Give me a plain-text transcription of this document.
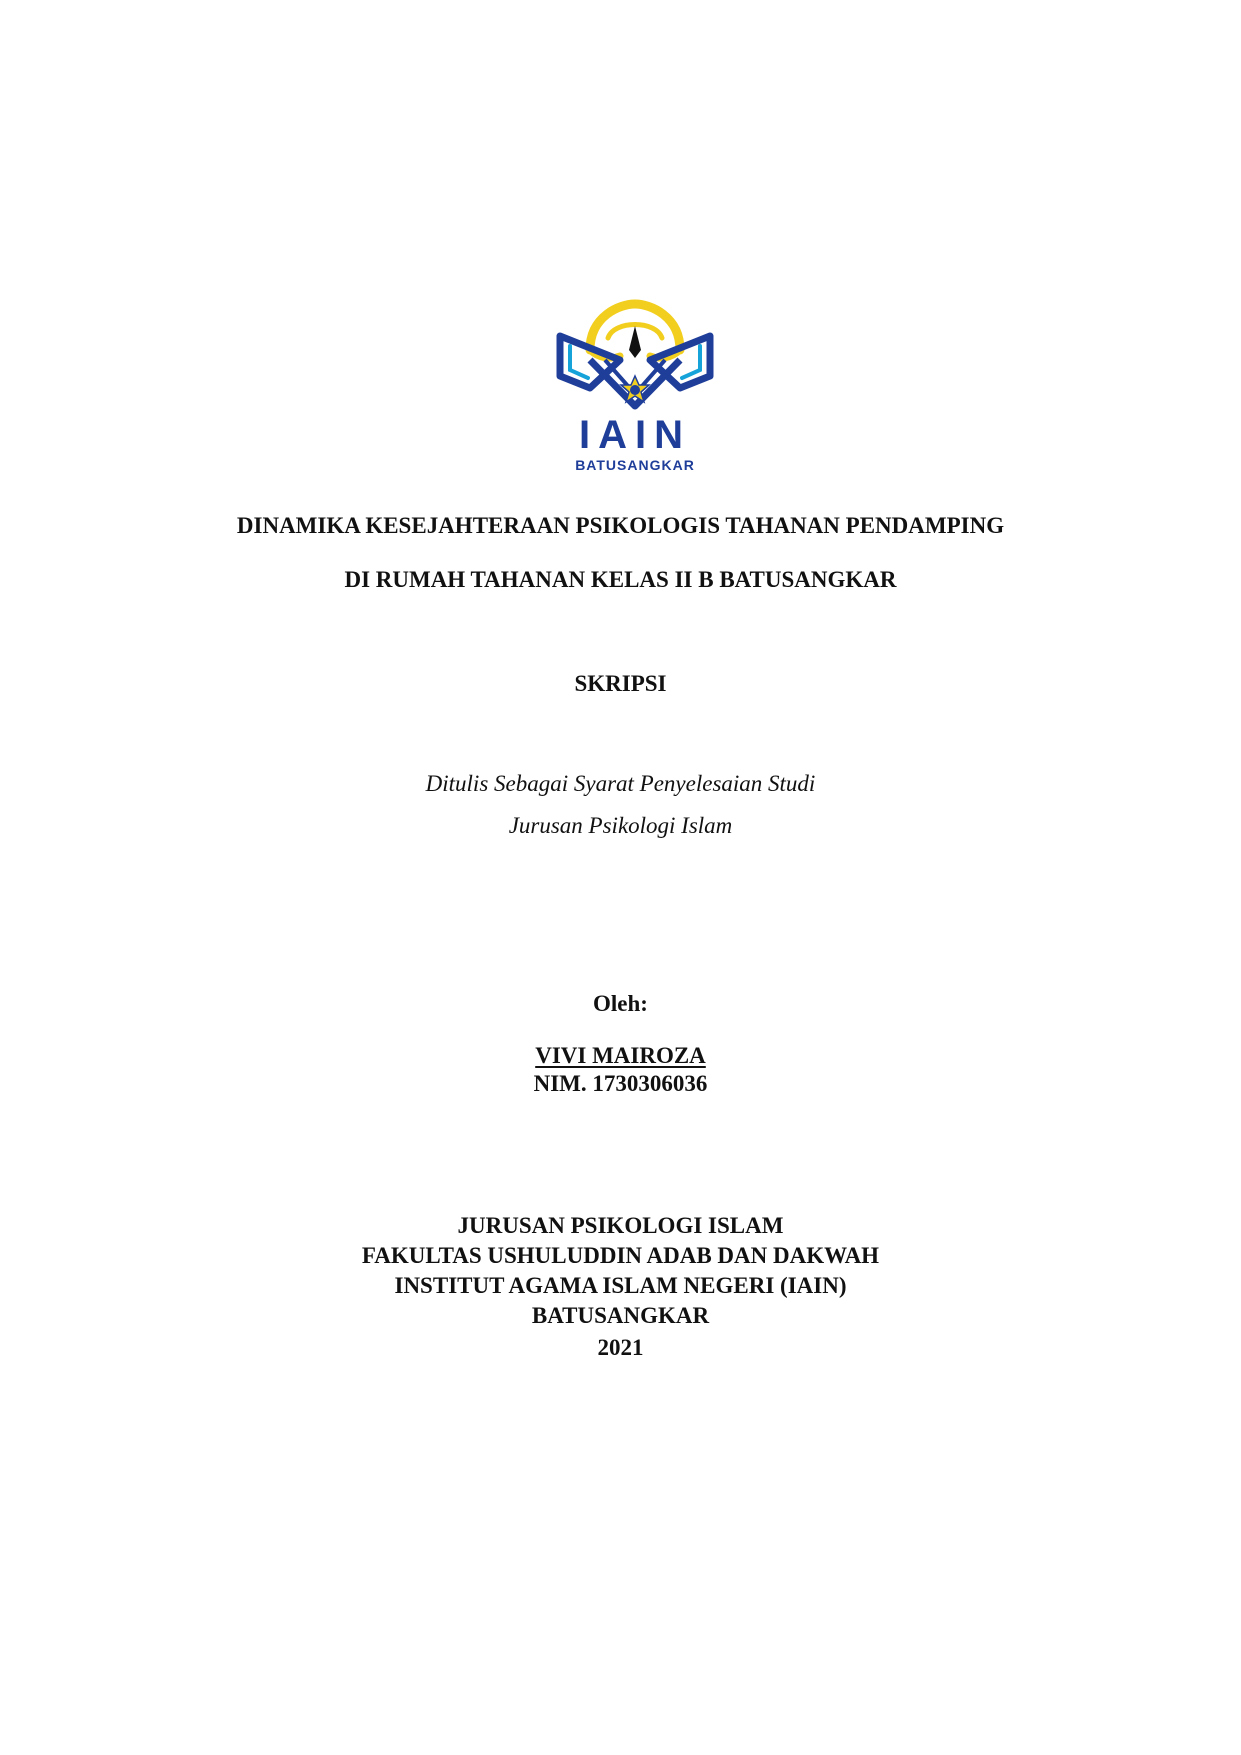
IAIN
BATUSANGKAR
DINAMIKA KESEJAHTERAAN PSIKOLOGIS TAHANAN PENDAMPING
DI RUMAH TAHANAN KELAS II B BATUSANGKAR
SKRIPSI
Ditulis Sebagai Syarat Penyelesaian Studi
Jurusan Psikologi Islam
Oleh:
VIVI MAIROZA
NIM. 1730306036
JURUSAN PSIKOLOGI ISLAM
FAKULTAS USHULUDDIN ADAB DAN DAKWAH
INSTITUT AGAMA ISLAM NEGERI (IAIN)
BATUSANGKAR
2021
